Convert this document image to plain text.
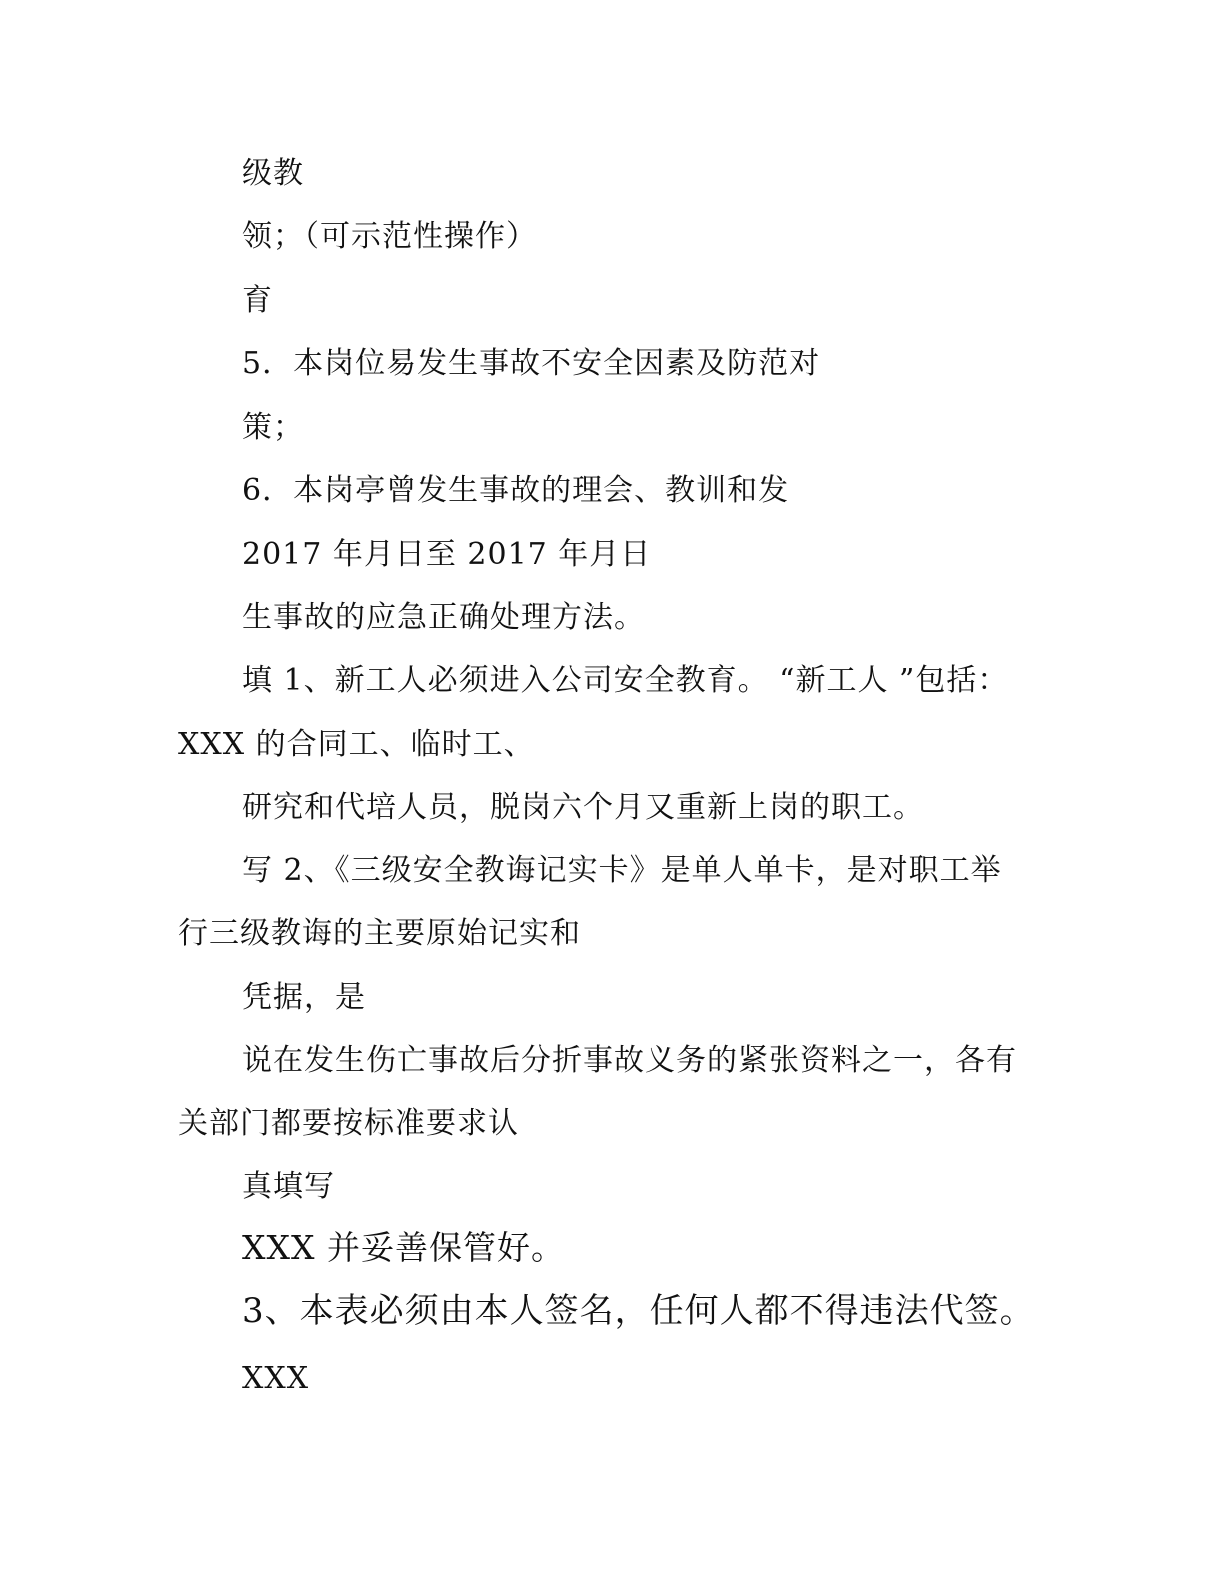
级教
领；（可示范性操作）
育
5．本岗位易发生事故不安全因素及防范对
策；
6．本岗亭曾发生事故的理会、教训和发
2017 年月日至 2017 年月日
生事故的应急正确处理方法。
填 1、新工人必须进入公司安全教育。 “新工人 ”包括：
XXX 的合同工、临时工、
研究和代培人员，脱岗六个月又重新上岗的职工。
写 2、《三级安全教诲记实卡》是单人单卡，是对职工举
行三级教诲的主要原始记实和
凭据，是
说在发生伤亡事故后分折事故义务的紧张资料之一，各有
关部门都要按标准要求认
真填写
XXX 并妥善保管好。
3、本表必须由本人签名，任何人都不得违法代签。
XXX
